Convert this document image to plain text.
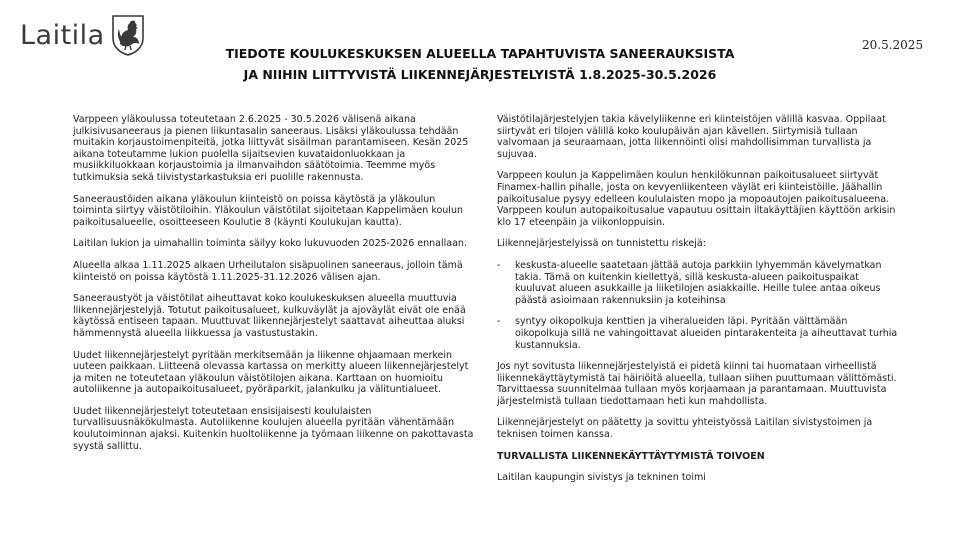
Laitila	20.5.2025
TIEDOTE KOULUKESKUKSEN ALUEELLA TAPAHTUVISTA SANEERAUKSISTA
JA NIIHIN LIITTYVISTÄ LIIKENNEJÄRJESTELYISTÄ 1.8.2025-30.5.2026

Varppeen yläkoulussa toteutetaan 2.6.2025 - 30.5.2026 välisenä aikana julkisivusaneeraus ja pienen liikuntasalin saneeraus. Lisäksi yläkoulussa tehdään muitakin korjaustoimenpiteitä, jotka liittyvät sisäilman parantamiseen. Kesän 2025 aikana toteutamme lukion puolella sijaitsevien kuvataidonluokkaan ja musiikkiluokkaan korjaustoimia ja ilmanvaihdon säätötoimia. Teemme myös tutkimuksia sekä tiivistystarkastuksia eri puolille rakennusta.

Saneeraustöiden aikana yläkoulun kiinteistö on poissa käytöstä ja yläkoulun toiminta siirtyy väistötiloihin. Yläkoulun väistötilat sijoitetaan Kappelimäen koulun paikoitusalueelle, osoitteeseen Koulutie 8 (käynti Koulukujan kautta).

Laitilan lukion ja uimahallin toiminta säilyy koko lukuvuoden 2025-2026 ennallaan.

Alueella alkaa 1.11.2025 alkaen Urheilutalon sisäpuolinen saneeraus, jolloin tämä kiinteistö on poissa käytöstä 1.11.2025-31.12.2026 välisen ajan.

Saneeraustyöt ja väistötilat aiheuttavat koko koulukeskuksen alueella muuttuvia liikennejärjestelyjä. Totutut paikoitusalueet, kulkuväylät ja ajoväylät eivät ole enää käytössä entiseen tapaan. Muuttuvat liikennejärjestelyt saattavat aiheuttaa aluksi hämmennystä alueella liikkuessa ja vastustustakin.

Uudet liikennejärjestelyt pyritään merkitsemään ja liikenne ohjaamaan merkein uuteen paikkaan. Liitteenä olevassa kartassa on merkitty alueen liikennejärjestelyt ja miten ne toteutetaan yläkoulun väistötilojen aikana. Karttaan on huomioitu autoliikenne ja autopaikoitusalueet, pyöräparkit, jalankulku ja välituntialueet.

Uudet liikennejärjestelyt toteutetaan ensisijaisesti koululaisten turvallisuusnäkökulmasta. Autoliikenne koulujen alueella pyritään vähentämään koulutoiminnan ajaksi. Kuitenkin huoltoliikenne ja työmaan liikenne on pakottavasta syystä sallittu.

Väistötilajärjestelyjen takia kävelyliikenne eri kiinteistöjen välillä kasvaa. Oppilaat siirtyvät eri tilojen välillä koko koulupäivän ajan kävellen. Siirtymisiä tullaan valvomaan ja seuraamaan, jotta liikennöinti olisi mahdollisimman turvallista ja sujuvaa.

Varppeen koulun ja Kappelimäen koulun henkilökunnan paikoitusalueet siirtyvät Finamex-hallin pihalle, josta on kevyenliikenteen väylät eri kiinteistöille. Jäähallin paikoitusalue pysyy edelleen koululaisten mopo ja mopoautojen paikoitusalueena. Varppeen koulun autopaikoitusalue vapautuu osittain iltakäyttäjien käyttöön arkisin klo 17 eteenpäin ja viikonloppuisin.

Liikennejärjestelyissä on tunnistettu riskejä:

- keskusta-alueelle saatetaan jättää autoja parkkiin lyhyemmän kävelymatkan takia. Tämä on kuitenkin kiellettyä, sillä keskusta-alueen paikoituspaikat kuuluvat alueen asukkaille ja liiketilojen asiakkaille. Heille tulee antaa oikeus päästä asioimaan rakennuksiin ja koteihinsa
- syntyy oikopolkuja kenttien ja viheralueiden läpi. Pyritään välttämään oikopolkuja sillä ne vahingoittavat alueiden pintarakenteita ja aiheuttavat turhia kustannuksia.

Jos nyt sovitusta liikennejärjestelyistä ei pidetä kiinni tai huomataan virheellistä liikennekäyttäytymistä tai häiriöitä alueella, tullaan siihen puuttumaan välittömästi. Tarvittaessa suunnitelmaa tullaan myös korjaamaan ja parantamaan. Muuttuvista järjestelmistä tullaan tiedottamaan heti kun mahdollista.

Liikennejärjestelyt on päätetty ja sovittu yhteistyössä Laitilan sivistystoimen ja teknisen toimen kanssa.

TURVALLISTA LIIKENNEKÄYTTÄYTYMISTÄ TOIVOEN

Laitilan kaupungin sivistys ja tekninen toimi
